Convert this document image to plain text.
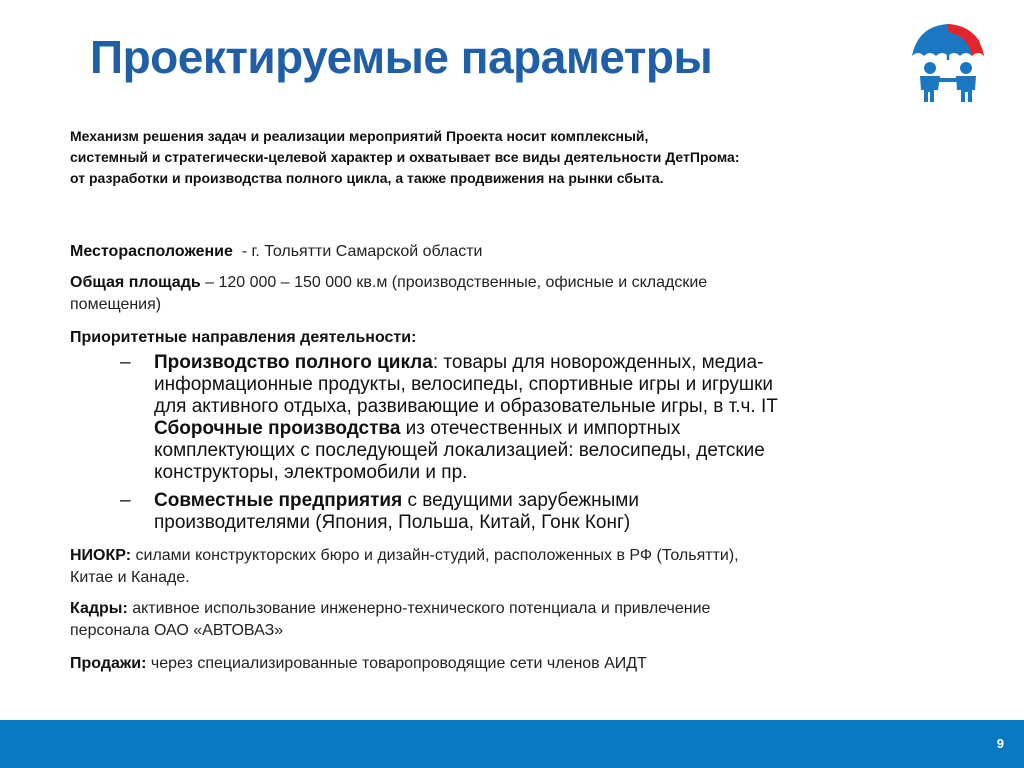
Проектируемые параметры
Механизм решения задач и реализации мероприятий Проекта носит комплексный,
системный и стратегически-целевой характер и охватывает все виды деятельности ДетПрома:
от разработки и производства полного цикла, а также продвижения на рынки сбыта.
Месторасположение  - г. Тольятти Самарской области
Общая площадь – 120 000 – 150 000 кв.м (производственные, офисные и складские
помещения)
Приоритетные направления деятельности:
– Производство полного цикла: товары для новорожденных, медиа-
информационные продукты, велосипеды, спортивные игры и игрушки
для активного отдыха, развивающие и образовательные игры, в т.ч. IT
Сборочные производства из отечественных и импортных
комплектующих с последующей локализацией: велосипеды, детские
конструкторы, электромобили и пр.
– Совместные предприятия с ведущими зарубежными
производителями (Япония, Польша, Китай, Гонк Конг)
НИОКР: силами конструкторских бюро и дизайн-студий, расположенных в РФ (Тольятти),
Китае и Канаде.
Кадры: активное использование инженерно-технического потенциала и привлечение
персонала ОАО «АВТОВАЗ»
Продажи: через специализированные товаропроводящие сети членов АИДТ
9
